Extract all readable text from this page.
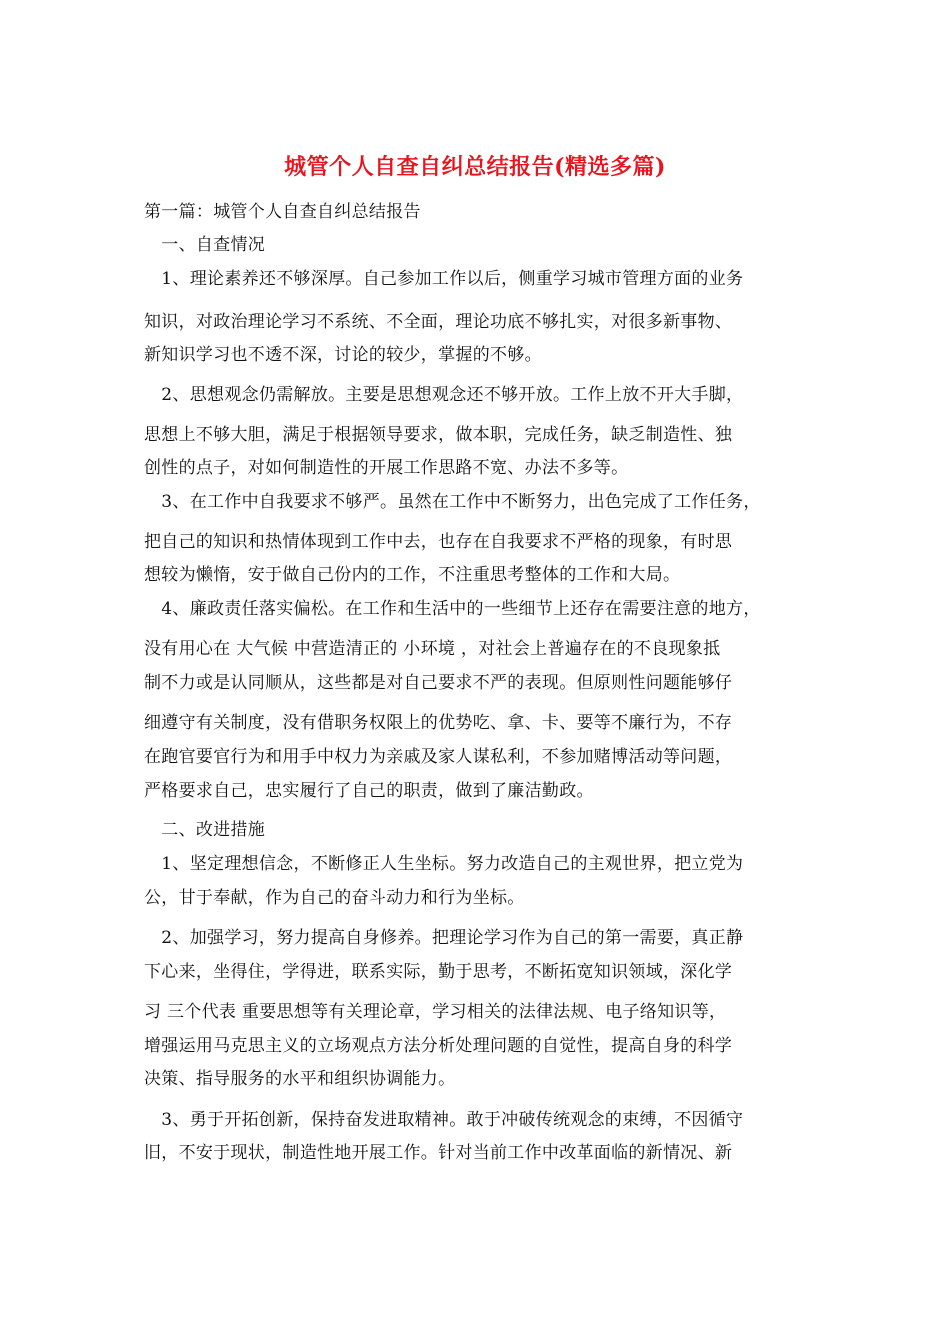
城管个人自查自纠总结报告(精选多篇)
第一篇：城管个人自查自纠总结报告
　一、自查情况
　1、理论素养还不够深厚。自己参加工作以后，侧重学习城市管理方面的业务
知识，对政治理论学习不系统、不全面，理论功底不够扎实，对很多新事物、
新知识学习也不透不深，讨论的较少，掌握的不够。
　2、思想观念仍需解放。主要是思想观念还不够开放。工作上放不开大手脚，
思想上不够大胆，满足于根据领导要求，做本职，完成任务，缺乏制造性、独
创性的点子，对如何制造性的开展工作思路不宽、办法不多等。
　3、在工作中自我要求不够严。虽然在工作中不断努力，出色完成了工作任务，
把自己的知识和热情体现到工作中去，也存在自我要求不严格的现象，有时思
想较为懒惰，安于做自己份内的工作，不注重思考整体的工作和大局。
　4、廉政责任落实偏松。在工作和生活中的一些细节上还存在需要注意的地方，
没有用心在 大气候 中营造清正的 小环境 ，对社会上普遍存在的不良现象抵
制不力或是认同顺从，这些都是对自己要求不严的表现。但原则性问题能够仔
细遵守有关制度，没有借职务权限上的优势吃、拿、卡、要等不廉行为，不存
在跑官要官行为和用手中权力为亲戚及家人谋私利，不参加赌博活动等问题，
严格要求自己，忠实履行了自己的职责，做到了廉洁勤政。
　二、改进措施
　1、坚定理想信念，不断修正人生坐标。努力改造自己的主观世界，把立党为
公，甘于奉献，作为自己的奋斗动力和行为坐标。
　2、加强学习，努力提高自身修养。把理论学习作为自己的第一需要，真正静
下心来，坐得住，学得进，联系实际，勤于思考，不断拓宽知识领域，深化学
习 三个代表 重要思想等有关理论章，学习相关的法律法规、电子络知识等，
增强运用马克思主义的立场观点方法分析处理问题的自觉性，提高自身的科学
决策、指导服务的水平和组织协调能力。
　3、勇于开拓创新，保持奋发进取精神。敢于冲破传统观念的束缚，不因循守
旧，不安于现状，制造性地开展工作。针对当前工作中改革面临的新情况、新
